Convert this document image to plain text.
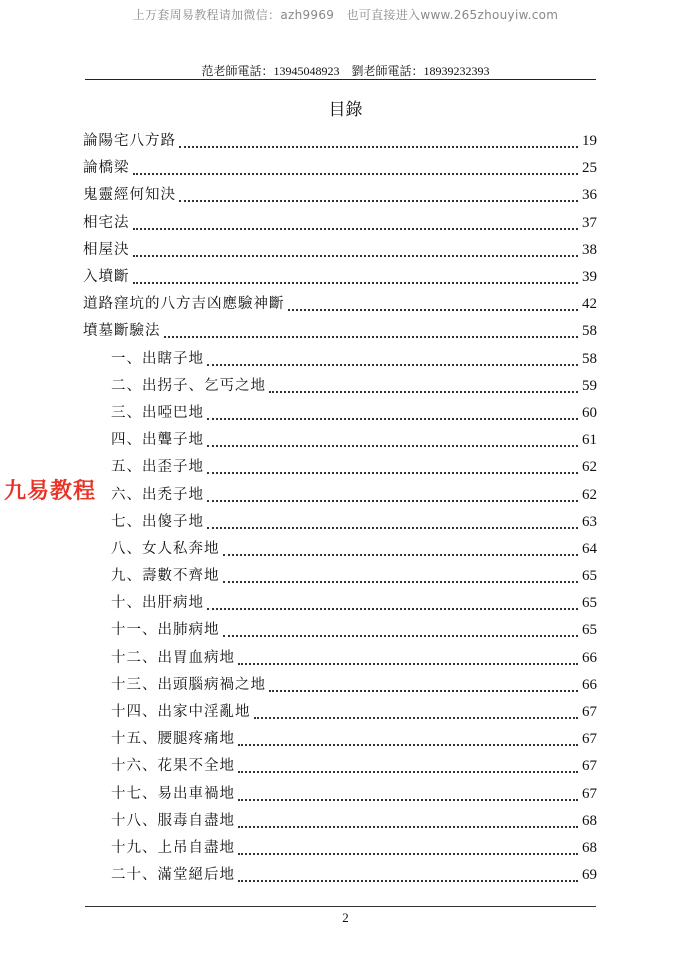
上万套周易教程请加微信：azh9969　也可直接进入www.265zhouyiw.com
范老師電話：13945048923　劉老師電話：18939232393
目錄
論陽宅八方路	19
論橋梁	25
鬼靈經何知決	36
相宅法	37
相屋決	38
入墳斷	39
道路窪坑的八方吉凶應驗神斷	42
墳墓斷驗法	58
一、出瞎子地	58
二、出拐子、乞丐之地	59
三、出啞巴地	60
四、出聾子地	61
五、出歪子地	62
六、出禿子地	62
七、出傻子地	63
八、女人私奔地	64
九、壽數不齊地	65
十、出肝病地	65
十一、出肺病地	65
十二、出胃血病地	66
十三、出頭腦病禍之地	66
十四、出家中淫亂地	67
十五、腰腿疼痛地	67
十六、花果不全地	67
十七、易出車禍地	67
十八、服毒自盡地	68
十九、上吊自盡地	68
二十、滿堂絕后地	69
九易教程
2
